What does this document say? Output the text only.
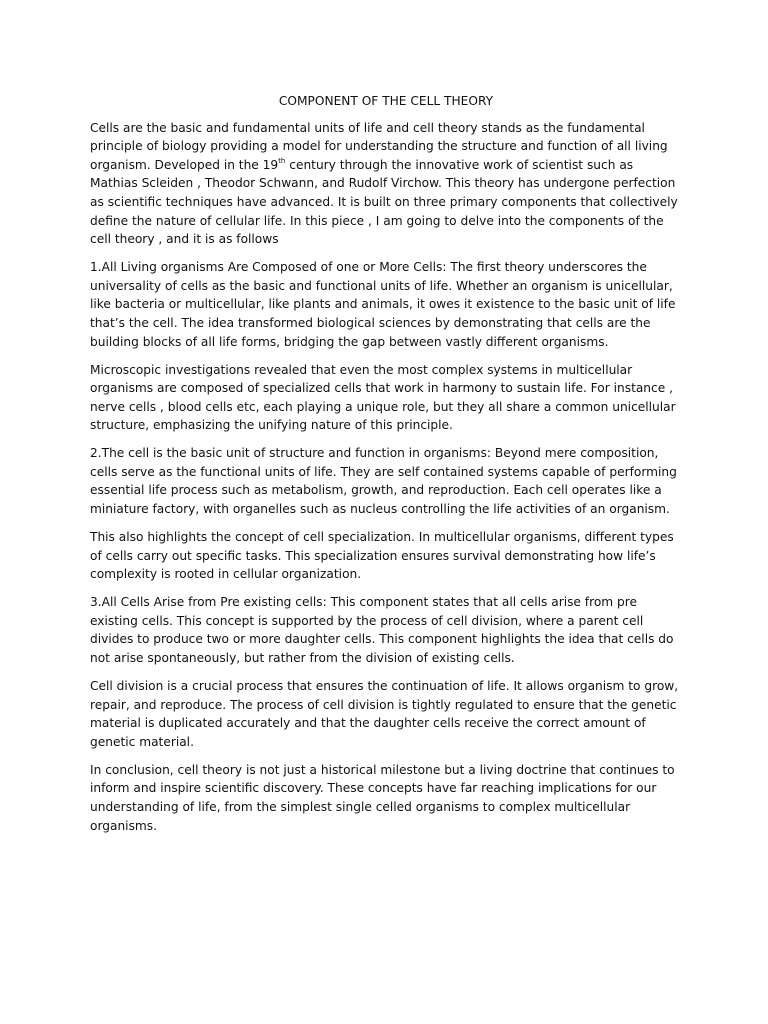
COMPONENT OF THE CELL THEORY

Cells are the basic and fundamental units of life and cell theory stands as the fundamental principle of biology providing a model for understanding the structure and function of all living organism. Developed in the 19th century through the innovative work of scientist such as Mathias Scleiden , Theodor Schwann, and Rudolf Virchow. This theory has undergone perfection as scientific techniques have advanced. It is built on three primary components that collectively define the nature of cellular life. In this piece , I am going to delve into the components of the cell theory , and it is as follows

1.All Living organisms Are Composed of one or More Cells: The first theory underscores the universality of cells as the basic and functional units of life. Whether an organism is unicellular, like bacteria or multicellular, like plants and animals, it owes it existence to the basic unit of life that’s the cell. The idea transformed biological sciences by demonstrating that cells are the building blocks of all life forms, bridging the gap between vastly different organisms.

Microscopic investigations revealed that even the most complex systems in multicellular organisms are composed of specialized cells that work in harmony to sustain life. For instance , nerve cells , blood cells etc, each playing a unique role, but they all share a common unicellular structure, emphasizing the unifying nature of this principle.

2.The cell is the basic unit of structure and function in organisms: Beyond mere composition, cells serve as the functional units of life. They are self contained systems capable of performing essential life process such as metabolism, growth, and reproduction. Each cell operates like a miniature factory, with organelles such as nucleus controlling the life activities of an organism.

This also highlights the concept of cell specialization. In multicellular organisms, different types of cells carry out specific tasks. This specialization ensures survival demonstrating how life’s complexity is rooted in cellular organization.

3.All Cells Arise from Pre existing cells: This component states that all cells arise from pre existing cells. This concept is supported by the process of cell division, where a parent cell divides to produce two or more daughter cells. This component highlights the idea that cells do not arise spontaneously, but rather from the division of existing cells.

Cell division is a crucial process that ensures the continuation of life. It allows organism to grow, repair, and reproduce. The process of cell division is tightly regulated to ensure that the genetic material is duplicated accurately and that the daughter cells receive the correct amount of genetic material.

In conclusion, cell theory is not just a historical milestone but a living doctrine that continues to inform and inspire scientific discovery. These concepts have far reaching implications for our understanding of life, from the simplest single celled organisms to complex multicellular organisms.
